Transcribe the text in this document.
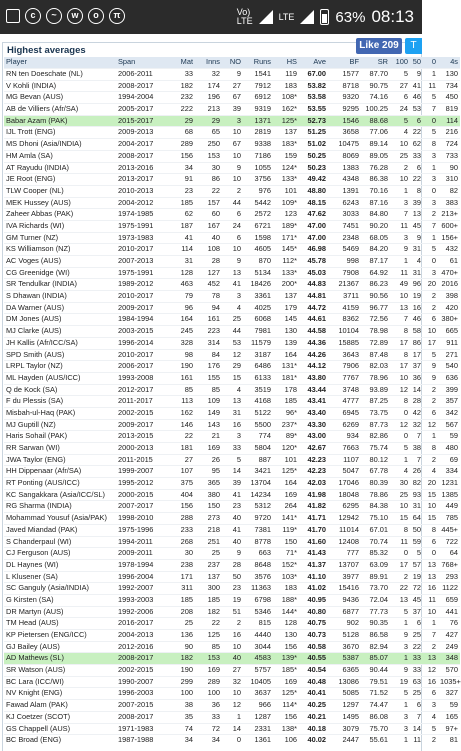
c	~	w	o	π	Vo)
LTE	LTE	63% 08:13
Highest averages
Player	Span	Mat	Inns	NO	Runs	HS	Ave	BF	SR	100	50	0	4s
RN ten Doeschate (NL)	2006-2011	33	32	9	1541	119	67.00	1577	87.70	5	9	1	130
V Kohli (INDIA)	2008-2017	182	174	27	7912	183	53.82	8718	90.75	27	41	11	734
MG Bevan (AUS)	1994-2004	232	196	67	6912	108*	53.58	9320	74.16	6	46	5	450
AB de Villiers (Afr/SA)	2005-2017	222	213	39	9319	162*	53.55	9295	100.25	24	53	7	819
Babar Azam (PAK)	2015-2017	29	29	3	1371	125*	52.73	1546	88.68	5	6	0	114
IJL Trott (ENG)	2009-2013	68	65	10	2819	137	51.25	3658	77.06	4	22	5	216
MS Dhoni (Asia/INDIA)	2004-2017	289	250	67	9338	183*	51.02	10475	89.14	10	62	8	724
HM Amla (SA)	2008-2017	156	153	10	7186	159	50.25	8069	89.05	25	33	3	733
AT Rayudu (INDIA)	2013-2016	34	30	9	1055	124*	50.23	1383	76.28	2	6	1	90
JE Root (ENG)	2013-2017	91	86	10	3756	133*	49.42	4348	86.38	10	22	3	310
TLW Cooper (NL)	2010-2013	23	22	2	976	101	48.80	1391	70.16	1	8	0	82
MEK Hussey (AUS)	2004-2012	185	157	44	5442	109*	48.15	6243	87.16	3	39	3	383
Zaheer Abbas (PAK)	1974-1985	62	60	6	2572	123	47.62	3033	84.80	7	13	2	213+
IVA Richards (WI)	1975-1991	187	167	24	6721	189*	47.00	7451	90.20	11	45	7	600+
GM Turner (NZ)	1973-1983	41	40	6	1598	171*	47.00	2348	68.05	3	9	1	156+
KS Williamson (NZ)	2010-2017	114	108	10	4605	145*	46.98	5469	84.20	9	31	5	432
AC Voges (AUS)	2007-2013	31	28	9	870	112*	45.78	998	87.17	1	4	0	61
CG Greenidge (WI)	1975-1991	128	127	13	5134	133*	45.03	7908	64.92	11	31	3	470+
SR Tendulkar (INDIA)	1989-2012	463	452	41	18426	200*	44.83	21367	86.23	49	96	20	2016
S Dhawan (INDIA)	2010-2017	79	78	3	3361	137	44.81	3711	90.56	10	19	2	398
DA Warner (AUS)	2009-2017	96	94	4	4025	179	44.72	4159	96.77	13	16	2	420
DM Jones (AUS)	1984-1994	164	161	25	6068	145	44.61	8362	72.56	7	46	6	380+
MJ Clarke (AUS)	2003-2015	245	223	44	7981	130	44.58	10104	78.98	8	58	10	665
JH Kallis (Afr/ICC/SA)	1996-2014	328	314	53	11579	139	44.36	15885	72.89	17	86	17	911
SPD Smith (AUS)	2010-2017	98	84	12	3187	164	44.26	3643	87.48	8	17	5	271
LRPL Taylor (NZ)	2006-2017	190	176	29	6486	131*	44.12	7906	82.03	17	37	9	540
ML Hayden (AUS/ICC)	1993-2008	161	155	15	6133	181*	43.80	7767	78.96	10	36	9	636
Q de Kock (SA)	2012-2017	85	85	4	3519	178	43.44	3748	93.89	12	14	2	399
F du Plessis (SA)	2011-2017	113	109	13	4168	185	43.41	4777	87.25	8	28	2	357
Misbah-ul-Haq (PAK)	2002-2015	162	149	31	5122	96*	43.40	6945	73.75	0	42	6	342
MJ Guptill (NZ)	2009-2017	146	143	16	5500	237*	43.30	6269	87.73	12	32	12	567
Haris Sohail (PAK)	2013-2015	22	21	3	774	89*	43.00	934	82.86	0	7	1	59
RR Sarwan (WI)	2000-2013	181	169	33	5804	120*	42.67	7663	75.74	5	38	8	480
JWA Taylor (ENG)	2011-2015	27	26	5	887	101	42.23	1107	80.12	1	7	2	69
HH Dippenaar (Afr/SA)	1999-2007	107	95	14	3421	125*	42.23	5047	67.78	4	26	4	334
RT Ponting (AUS/ICC)	1995-2012	375	365	39	13704	164	42.03	17046	80.39	30	82	20	1231
KC Sangakkara (Asia/ICC/SL)	2000-2015	404	380	41	14234	169	41.98	18048	78.86	25	93	15	1385
RG Sharma (INDIA)	2007-2017	156	150	23	5312	264	41.82	6295	84.38	10	31	10	449
Mohammad Yousuf (Asia/PAK)	1998-2010	288	273	40	9720	141*	41.71	12942	75.10	15	64	15	785
Javed Miandad (PAK)	1975-1996	233	218	41	7381	119*	41.70	11014	67.01	8	50	8	445+
S Chanderpaul (WI)	1994-2011	268	251	40	8778	150	41.60	12408	70.74	11	59	6	722
CJ Ferguson (AUS)	2009-2011	30	25	9	663	71*	41.43	777	85.32	0	5	0	64
DL Haynes (WI)	1978-1994	238	237	28	8648	152*	41.37	13707	63.09	17	57	13	768+
L Klusener (SA)	1996-2004	171	137	50	3576	103*	41.10	3977	89.91	2	19	13	293
SC Ganguly (Asia/INDIA)	1992-2007	311	300	23	11363	183	41.02	15416	73.70	22	72	16	1122
G Kirsten (SA)	1993-2003	185	185	19	6798	188*	40.95	9436	72.04	13	45	11	659
DR Martyn (AUS)	1992-2006	208	182	51	5346	144*	40.80	6877	77.73	5	37	10	441
TM Head (AUS)	2016-2017	25	22	2	815	128	40.75	902	90.35	1	6	1	76
KP Pietersen (ENG/ICC)	2004-2013	136	125	16	4440	130	40.73	5128	86.58	9	25	7	427
GJ Bailey (AUS)	2012-2016	90	85	10	3044	156	40.58	3670	82.94	3	22	2	249
AD Mathews (SL)	2008-2017	182	153	40	4583	139*	40.55	5387	85.07	1	33	13	348
SR Watson (AUS)	2002-2015	190	169	27	5757	185*	40.54	6365	90.44	9	33	12	570
BC Lara (ICC/WI)	1990-2007	299	289	32	10405	169	40.48	13086	79.51	19	63	16	1035+
NV Knight (ENG)	1996-2003	100	100	10	3637	125*	40.41	5085	71.52	5	25	6	327
Fawad Alam (PAK)	2007-2015	38	36	12	966	114*	40.25	1297	74.47	1	6	3	59
KJ Coetzer (SCOT)	2008-2017	35	33	1	1287	156	40.21	1495	86.08	3	7	4	165
GS Chappell (AUS)	1971-1983	74	72	14	2331	138*	40.18	3079	75.70	3	14	5	97+
BC Broad (ENG)	1987-1988	34	34	0	1361	106	40.02	2447	55.61	1	11	2	81
Like 209	T
